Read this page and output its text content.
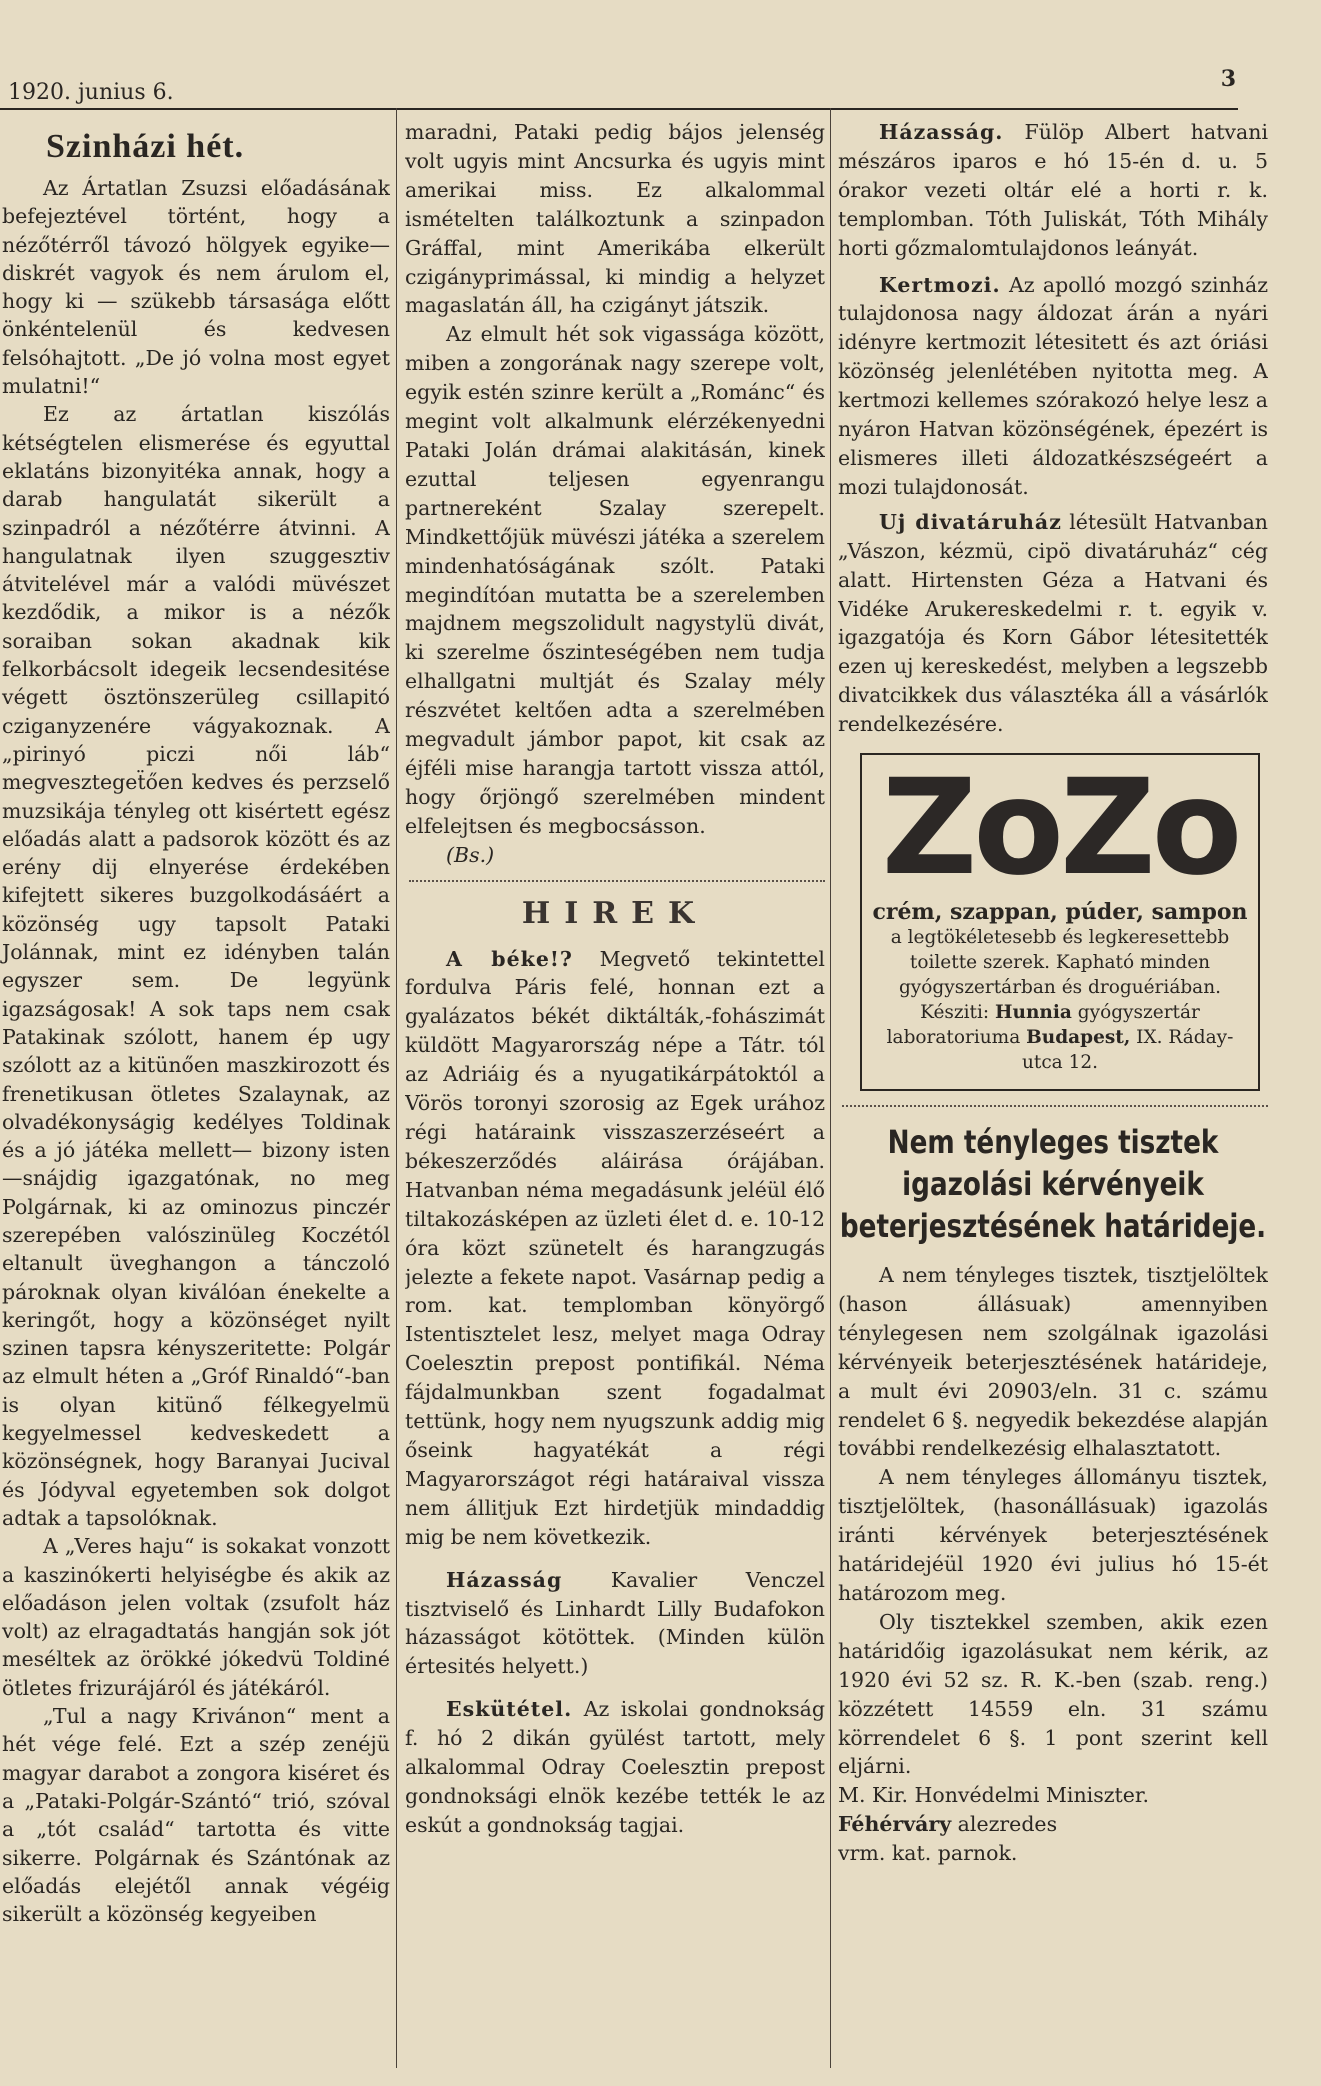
1920. junius 6.
3
Szinházi hét.

Az Ártatlan Zsuzsi előadásának befejeztével történt, hogy a nézőtérről távozó hölgyek egyike—diskrét vagyok és nem árulom el, hogy ki — szükebb társasága előtt önkéntelenül és kedvesen felsóhajtott. „De jó volna most egyet mulatni!“

Ez az ártatlan kiszólás kétségtelen elismerése és egyuttal eklatáns bizonyitéka annak, hogy a darab hangulatát sikerült a szinpadról a nézőtérre átvinni. A hangulatnak ilyen szuggesztiv átvitelével már a valódi müvészet kezdődik, a mikor is a nézők soraiban sokan akadnak kik felkorbácsolt idegeik lecsendesitése végett ösztönszerüleg csillapitó cziganyzenére vágyakoznak. A „pirinyó piczi női láb“ megvesztegeẗően kedves és perzselő muzsikája tényleg ott kisértett egész előadás alatt a padsorok között és az erény dij elnyerése érdekében kifejtett sikeres buzgolkodásáért a közönség ugy tapsolt Pataki Jolánnak, mint ez idényben talán egyszer sem. De legyünk igazságosak! A sok taps nem csak Patakinak szólott, hanem ép ugy szólott az a kitünően maszkirozott és frenetikusan ötletes Szalaynak, az olvadékonyságig kedélyes Toldinak és a jó játéka mellett— bizony isten—snájdig igazgatónak, no meg Polgárnak, ki az ominozus pinczér szerepében valószinüleg Koczétól eltanult üveghangon a tánczoló pároknak olyan kiválóan énekelte a keringőt, hogy a közönséget nyilt szinen tapsra kényszeritette: Polgár az elmult héten a „Gróf Rinaldó“-ban is olyan kitünő félkegyelmü kegyelmessel kedveskedett a közönségnek, hogy Baranyai Jucival és Jódyval egyetemben sok dolgot adtak a tapsolóknak.

A „Veres haju“ is sokakat vonzott a kaszinókerti helyiségbe és akik az előadáson jelen voltak (zsufolt ház volt) az elragadtatás hangján sok jót meséltek az örökké jókedvü Toldiné ötletes frizurájáról és játékáról.

„Tul a nagy Krivánon“ ment a hét vége felé. Ezt a szép zenéjü magyar darabot a zongora kiséret és a „Pataki-Polgár-Szántó“ trió, szóval a „tót család“ tartotta és vitte sikerre. Polgárnak és Szántónak az előadás elejétől annak végéig sikerült a közönség kegyeiben

maradni, Pataki pedig bájos jelenség volt ugyis mint Ancsurka és ugyis mint amerikai miss. Ez alkalommal ismételten találkoztunk a szinpadon Gráffal, mint Amerikába elkerült czigányprimással, ki mindig a helyzet magaslatán áll, ha czigányt játszik.

Az elmult hét sok vigassága között, miben a zongorának nagy szerepe volt, egyik estén szinre került a „Románc“ és megint volt alkalmunk elérzékenyedni Pataki Jolán drámai alakitásán, kinek ezuttal teljesen egyenrangu partnereként Szalay szerepelt. Mindkettőjük müvészi játéka a szerelem mindenhatóságának szólt. Pataki megindítóan mutatta be a szerelemben majdnem megszolidult nagystylü divát, ki szerelme őszinteségében nem tudja elhallgatni multját és Szalay mély részvétet keltően adta a szerelmében megvadult jámbor papot, kit csak az éjféli mise harangja tartott vissza attól, hogy őrjöngő szerelmében mindent elfelejtsen és megbocsásson.

(Bs.)

HIREK

A béke!? Megvető tekintettel fordulva Páris felé, honnan ezt a gyalázatos békét diktálták,-fohászimát küldött Magyarország népe a Tátr. tól az Adriáig és a nyugatikárpátoktól a Vörös toronyi szorosig az Egek urához régi határaink visszaszerzéseért a békeszerződés aláirása órájában. Hatvanban néma megadásunk jeléül élő tiltakozásképen az üzleti élet d. e. 10-12 óra közt szünetelt és harangzugás jelezte a fekete napot. Vasárnap pedig a rom. kat. templomban könyörgő Istentisztelet lesz, melyet maga Odray Coelesztin prepost pontifikál. Néma fájdalmunkban szent fogadalmat tettünk, hogy nem nyugszunk addig mig őseink hagyatékát a régi Magyarországot régi határaival vissza nem állitjuk Ezt hirdetjük mindaddig mig be nem következik.

Házasság Kavalier Venczel tisztviselő és Linhardt Lilly Budafokon házasságot kötöttek. (Minden külön értesités helyett.)

Eskütétel. Az iskolai gondnokság f. hó 2 dikán gyülést tartott, mely alkalommal Odray Coelesztin prepost gondnoksági elnök kezébe tették le az eskút a gondnokság tagjai.

Házasság. Fülöp Albert hatvani mészáros iparos e hó 15-én d. u. 5 órakor vezeti oltár elé a horti r. k. templomban. Tóth Juliskát, Tóth Mihály horti gőzmalomtulajdonos leányát.

Kertmozi. Az apolló mozgó szinház tulajdonosa nagy áldozat árán a nyári idényre kertmozit létesitett és azt óriási közönség jelenlétében nyitotta meg. A kertmozi kellemes szórakozó helye lesz a nyáron Hatvan közönségének, épezért is elismeres illeti áldozatkészségeért a mozi tulajdonosát.

Uj divatáruház létesült Hatvanban „Vászon, kézmü, cipö divatáruház“ cég alatt. Hirtensten Géza a Hatvani és Vidéke Arukereskedelmi r. t. egyik v. igazgatója és Korn Gábor létesitették ezen uj kereskedést, melyben a legszebb divatcikkek dus választéka áll a vásárlók rendelkezésére.

ZoZo
crém, szappan, púder, sampon
a legtökéletesebb és legkeresettebb toilette szerek. Kapható minden gyógyszertárban és droguériában.
Késziti: Hunnia gyógyszertár laboratoriuma Budapest, IX. Ráday-utca 12.
Nem tényleges tisztek igazolási kérvényeik beterjesztésének határideje.

A nem tényleges tisztek, tisztjelöltek (hason állásuak) amennyiben ténylegesen nem szolgálnak igazolási kérvényeik beterjesztésének határideje, a mult évi 20903/eln. 31 c. számu rendelet 6 §. negyedik bekezdése alapján további rendelkezésig elhalasztatott.

A nem tényleges állományu tisztek, tisztjelöltek, (hasonállásuak) igazolás iránti kérvények beterjesztésének határidejéül 1920 évi julius hó 15-ét határozom meg.

Oly tisztekkel szemben, akik ezen határidőig igazolásukat nem kérik, az 1920 évi 52 sz. R. K.-ben (szab. reng.) közzétett 14559 eln. 31 számu körrendelet 6 §. 1 pont szerint kell eljárni.

M. Kir. Honvédelmi Miniszter.

Féhérváry alezredes

vrm. kat. parnok.
